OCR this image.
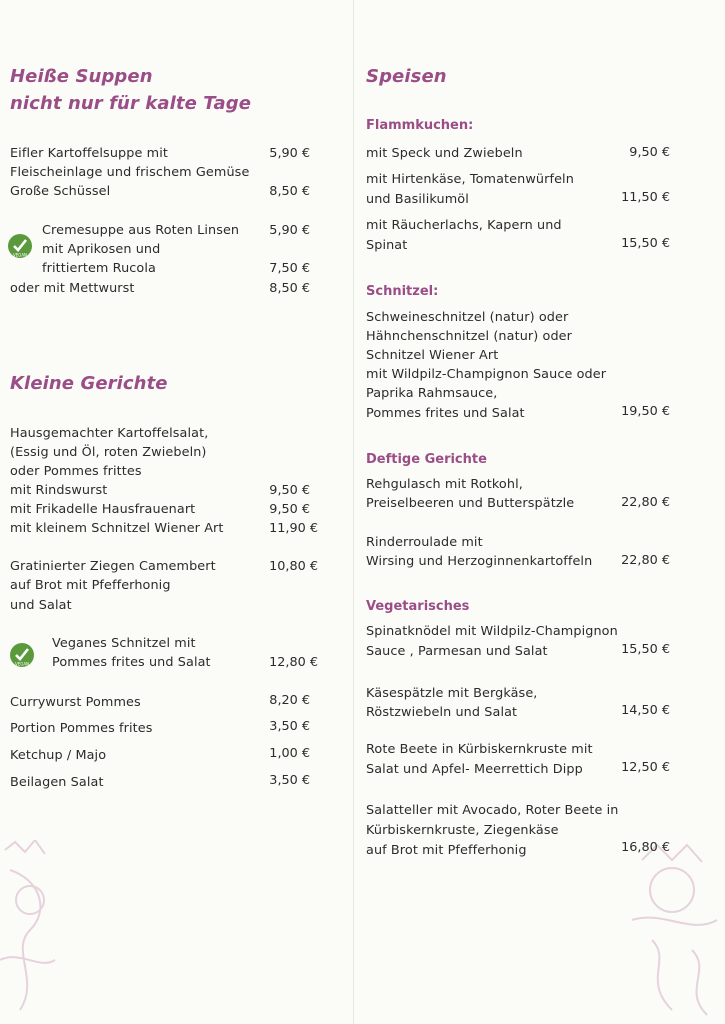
Heiße Suppen
nicht nur für kalte Tage
Eifler Kartoffelsuppe mit	5,90 €
Fleischeinlage und frischem Gemüse
Große Schüssel	8,50 €
VEGAN
Cremesuppe aus Roten Linsen	5,90 €
mit Aprikosen und
frittiertem Rucola	7,50 €
oder mit Mettwurst	8,50 €
Kleine Gerichte
Hausgemachter Kartoffelsalat,
(Essig und Öl, roten Zwiebeln)
oder Pommes frittes
mit Rindswurst	9,50 €
mit Frikadelle Hausfrauenart	9,50 €
mit kleinem Schnitzel Wiener Art	11,90 €
Gratinierter Ziegen Camembert	10,80 €
auf Brot mit Pfefferhonig
und Salat
VEGAN
Veganes Schnitzel mit
Pommes frites und Salat	12,80 €
Currywurst Pommes	8,20 €
Portion Pommes frites	3,50 €
Ketchup / Majo	1,00 €
Beilagen Salat	3,50 €
Speisen
Flammkuchen:
mit Speck und Zwiebeln	9,50 €
mit Hirtenkäse, Tomatenwürfeln
und Basilikumöl	11,50 €
mit Räucherlachs, Kapern und
Spinat	15,50 €
Schnitzel:
Schweineschnitzel (natur) oder
Hähnchenschnitzel (natur) oder
Schnitzel Wiener Art
mit Wildpilz-Champignon Sauce oder
Paprika Rahmsauce,
Pommes frites und Salat	19,50 €
Deftige Gerichte
Rehgulasch mit Rotkohl,
Preiselbeeren und Butterspätzle	22,80 €
Rinderroulade mit
Wirsing und Herzoginnenkartoffeln	22,80 €
Vegetarisches
Spinatknödel mit Wildpilz-Champignon
Sauce , Parmesan und Salat	15,50 €
Käsespätzle mit Bergkäse,
Röstzwiebeln und Salat	14,50 €
Rote Beete in Kürbiskernkruste mit
Salat und Apfel- Meerrettich Dipp	12,50 €
Salatteller mit Avocado, Roter Beete in
Kürbiskernkruste, Ziegenkäse
auf Brot mit Pfefferhonig	16,80 €
